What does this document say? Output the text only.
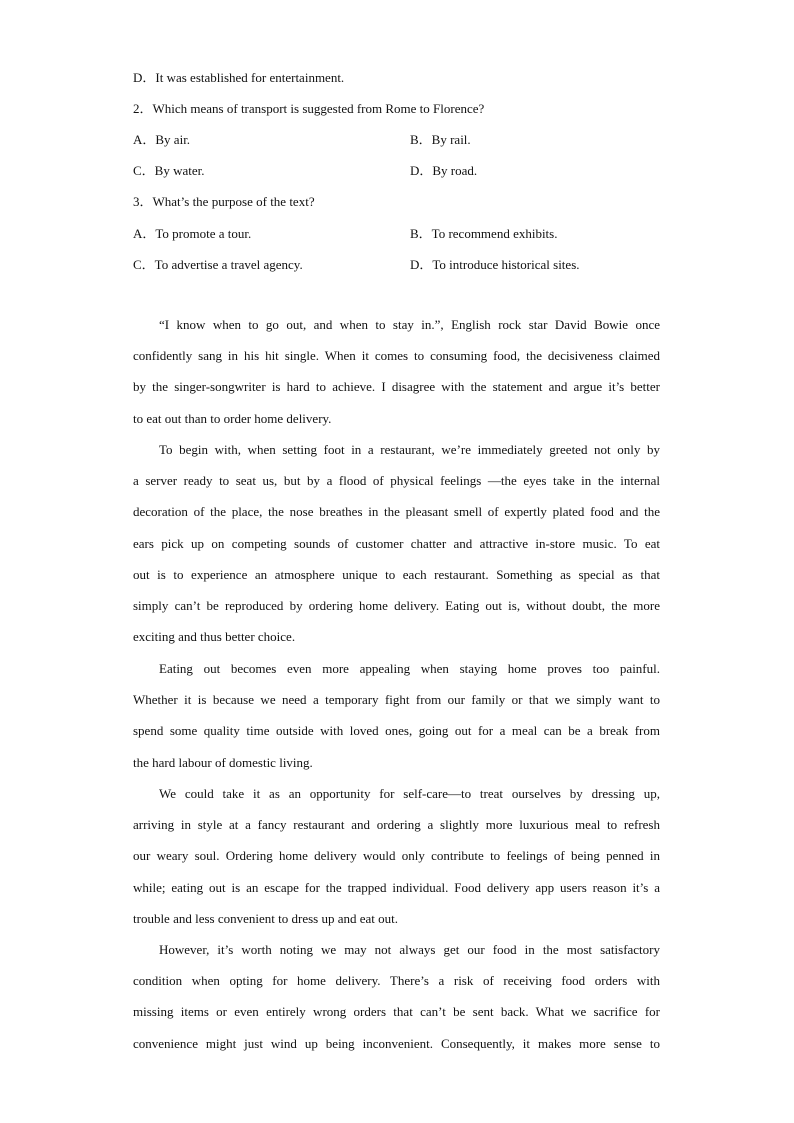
D．It was established for entertainment.
2．Which means of transport is suggested from Rome to Florence?
A．By air.	B．By rail.
C．By water.	D．By road.
3．What’s the purpose of the text?
A．To promote a tour.	B．To recommend exhibits.
C．To advertise a travel agency.	D．To introduce historical sites.
“I know when to go out, and when to stay in.”, English rock star David Bowie once
confidently sang in his hit single. When it comes to consuming food, the decisiveness claimed
by the singer-songwriter is hard to achieve. I disagree with the statement and argue it’s better
to eat out than to order home delivery.
To begin with, when setting foot in a restaurant, we’re immediately greeted not only by
a server ready to seat us, but by a flood of physical feelings —the eyes take in the internal
decoration of the place, the nose breathes in the pleasant smell of expertly plated food and the
ears pick up on competing sounds of customer chatter and attractive in-store music. To eat
out is to experience an atmosphere unique to each restaurant. Something as special as that
simply can’t be reproduced by ordering home delivery. Eating out is, without doubt, the more
exciting and thus better choice.
Eating out becomes even more appealing when staying home proves too painful.
Whether it is because we need a temporary fight from our family or that we simply want to
spend some quality time outside with loved ones, going out for a meal can be a break from
the hard labour of domestic living.
We could take it as an opportunity for self-care—to treat ourselves by dressing up,
arriving in style at a fancy restaurant and ordering a slightly more luxurious meal to refresh
our weary soul. Ordering home delivery would only contribute to feelings of being penned in
while; eating out is an escape for the trapped individual. Food delivery app users reason it’s a
trouble and less convenient to dress up and eat out.
However, it’s worth noting we may not always get our food in the most satisfactory
condition when opting for home delivery. There’s a risk of receiving food orders with
missing items or even entirely wrong orders that can’t be sent back. What we sacrifice for
convenience might just wind up being inconvenient. Consequently, it makes more sense to
